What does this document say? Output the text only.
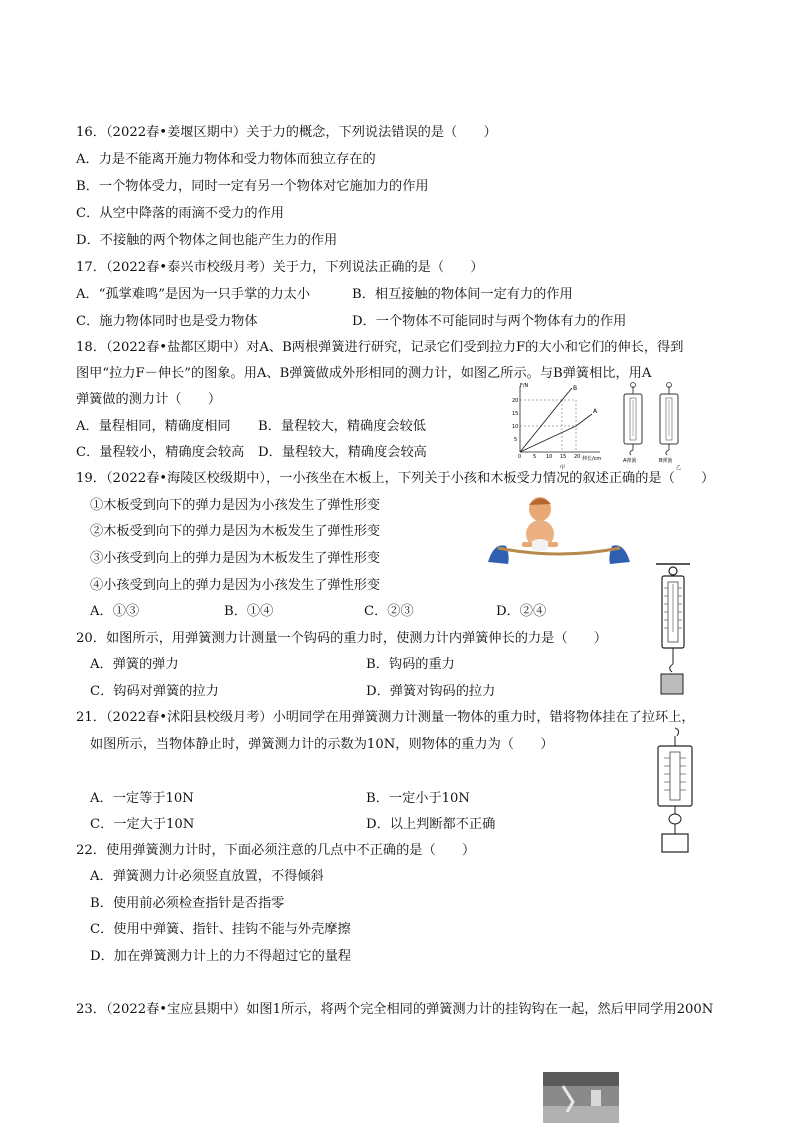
16．（2022春•姜堰区期中）关于力的概念，下列说法错误的是（　　）
A．力是不能离开施力物体和受力物体而独立存在的
B．一个物体受力，同时一定有另一个物体对它施加力的作用
C．从空中降落的雨滴不受力的作用
D．不接触的两个物体之间也能产生力的作用
17．（2022春•泰兴市校级月考）关于力，下列说法正确的是（　　）
A．“孤掌难鸣”是因为一只手掌的力太小	B．相互接触的物体间一定有力的作用
C．施力物体同时也是受力物体	D．一个物体不可能同时与两个物体有力的作用
18．（2022春•盐都区期中）对A、B两根弹簧进行研究，记录它们受到拉力F的大小和它们的伸长，得到
图甲“拉力F－伸长”的图象。用A、B弹簧做成外形相同的测力计，如图乙所示。与B弹簧相比，用A
弹簧做的测力计（　　）
A．量程相同，精确度相同 B．量程较大，精确度会较低
C．量程较小，精确度会较高 D．量程较大，精确度会较高
F/N
伸长/cm
20
15
10
5
0 5 10 15 20
B
A
甲
A弹簧	B弹簧
乙
19．（2022春•海陵区校级期中），一小孩坐在木板上，下列关于小孩和木板受力情况的叙述正确的是（　　）
①木板受到向下的弹力是因为小孩发生了弹性形变
②木板受到向下的弹力是因为木板发生了弹性形变
③小孩受到向上的弹力是因为木板发生了弹性形变
④小孩受到向上的弹力是因为小孩发生了弹性形变
A．①③	B．①④	C．②③	D．②④
20．如图所示，用弹簧测力计测量一个钩码的重力时，使测力计内弹簧伸长的力是（　　）
A．弹簧的弹力	B．钩码的重力
C．钩码对弹簧的拉力	D．弹簧对钩码的拉力
21．（2022春•沭阳县校级月考）小明同学在用弹簧测力计测量一物体的重力时，错将物体挂在了拉环上，
如图所示，当物体静止时，弹簧测力计的示数为10N，则物体的重力为（　　）
A．一定等于10N	B．一定小于10N
C．一定大于10N	D．以上判断都不正确
22．使用弹簧测力计时，下面必须注意的几点中不正确的是（　　）
A．弹簧测力计必须竖直放置，不得倾斜
B．使用前必须检查指针是否指零
C．使用中弹簧、指针、挂钩不能与外壳摩擦
D．加在弹簧测力计上的力不得超过它的量程
23．（2022春•宝应县期中）如图1所示，将两个完全相同的弹簧测力计的挂钩钩在一起，然后甲同学用200N
